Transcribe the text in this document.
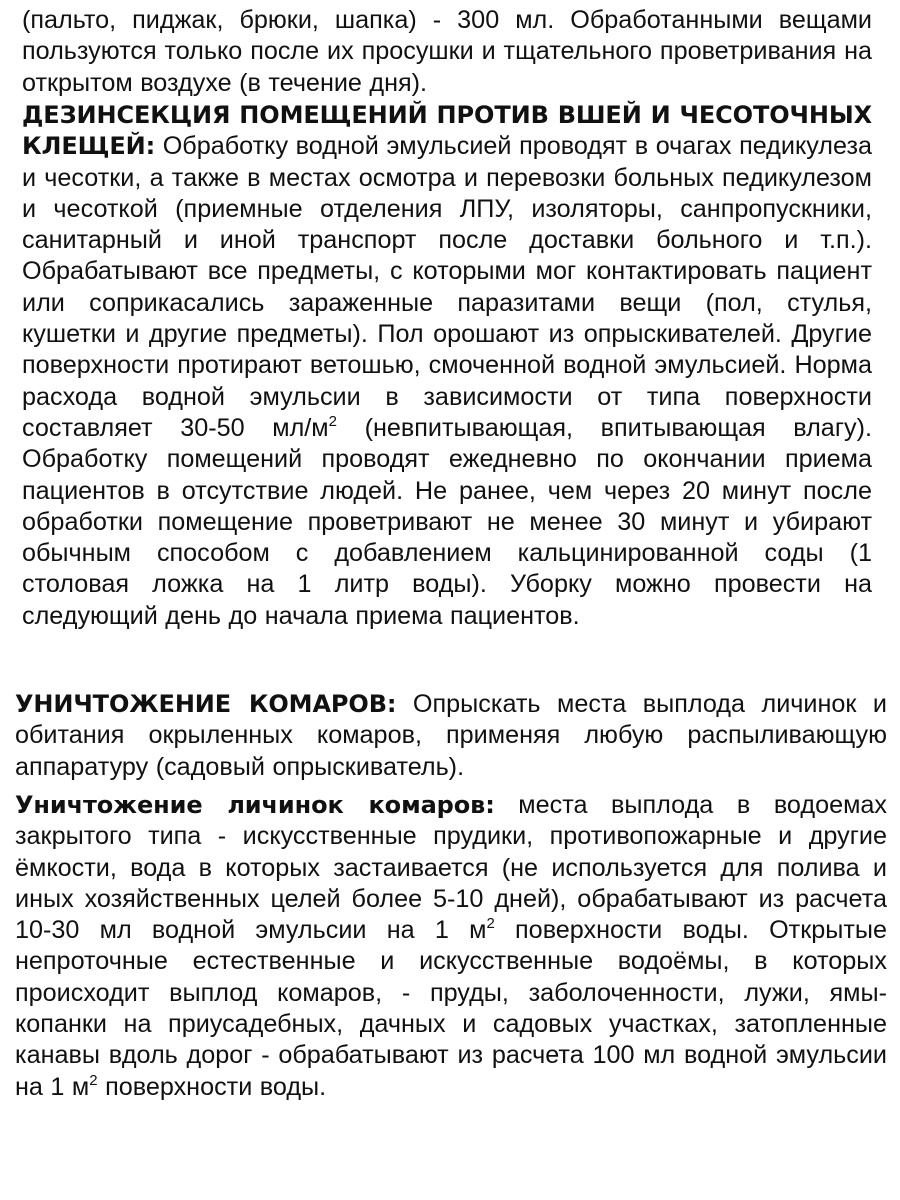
(пальто, пиджак, брюки, шапка) - 300 мл. Обработанными вещами пользуются только после их просушки и тщательного проветривания на открытом воздухе (в течение дня).
ДЕЗИНСЕКЦИЯ ПОМЕЩЕНИЙ ПРОТИВ ВШЕЙ И ЧЕСОТОЧНЫХ КЛЕЩЕЙ: Обработку водной эмульсией проводят в очагах педикулеза и чесотки, а также в местах осмотра и перевозки больных педикулезом и чесоткой (приемные отделения ЛПУ, изоляторы, санпропускники, санитарный и иной транспорт после доставки больного и т.п.). Обрабатывают все предметы, с которыми мог контактировать пациент или соприкасались зараженные паразитами вещи (пол, стулья, кушетки и другие предметы). Пол орошают из опрыскивателей. Другие поверхности протирают ветошью, смоченной водной эмульсией. Норма расхода водной эмульсии в зависимости от типа поверхности составляет 30-50 $мл/м^2$ (невпитывающая, впитывающая влагу). Обработку помещений проводят ежедневно по окончании приема пациентов в отсутствие людей. Не ранее, чем через 20 минут после обработки помещение проветривают не менее 30 минут и убирают обычным способом с добавлением кальцинированной соды (1 столовая ложка на 1 литр воды). Уборку можно провести на следующий день до начала приема пациентов.
УНИЧТОЖЕНИЕ КОМАРОВ: Опрыскать места выплода личинок и обитания окрыленных комаров, применяя любую распыливающую аппаратуру (садовый опрыскиватель).
Уничтожение личинок комаров: места выплода в водоемах закрытого типа - искусственные прудики, противопожарные и другие ёмкости, вода в которых застаивается (не используется для полива и иных хозяйственных целей более 5-10 дней), обрабатывают из расчета 10-30 мл водной эмульсии на 1 $м^2$ поверхности воды. Открытые непроточные естественные и искусственные водоёмы, в которых происходит выплод комаров, - пруды, заболоченности, лужи, ямы-копанки на приусадебных, дачных и садовых участках, затопленные канавы вдоль дорог - обрабатывают из расчета 100 мл водной эмульсии на 1 $м^2$ поверхности воды.
